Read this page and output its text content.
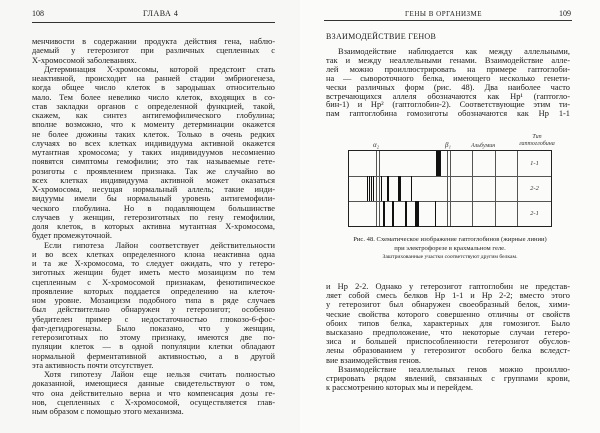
108	ГЛАВА 4
менчивости в содержании продукта действия гена, наблю-
даемый у гетерозигот при различных сцепленных с
X-хромосомой заболеваниях.
Детерминация X-хромосомы, которой предстоит стать
неактивной, происходит на ранней стадии эмбриогенеза,
когда общее число клеток в зародышах относительно
мало. Тем более невелико число клеток, входящих в со-
став закладки органов с определенной функцией, такой,
скажем, как синтез антигемофилического глобулина;
вполне возможно, что к моменту детерминации окажется
не более дюжины таких клеток. Только в очень редких
случаях во всех клетках индивидуума активной окажется
мутантная хромосома; у таких индивидуумов несомненно
появятся симптомы гемофилии; это так называемые гете-
розиготы с проявлением признака. Так же случайно во
всех клетках индивидуума активной может оказаться
X-хромосома, несущая нормальный аллель; такие инди-
видуумы имели бы нормальный уровень антигемофили-
ческого глобулина. Но в подавляющем большинстве
случаев у женщин, гетерозиготных по гену гемофилии,
доля клеток, в которых активна мутантная X-хромосома,
будет промежуточной.
Если гипотеза Лайон соответствует действительности
и во всех клетках определенного клона неактивна одна
и та же X-хромосома, то следует ожидать, что у гетеро-
зиготных женщин будет иметь место мозаицизм по тем
сцепленным с X-хромосомой признакам, фенотипическое
проявление которых поддается определению на клеточ-
ном уровне. Мозаицизм подобного типа в ряде случаев
был действительно обнаружен у гетерозигот; особенно
убедителен пример с недостаточностью глюкозо-6-фос-
фат-дегидрогеназы. Было показано, что у женщин,
гетерозиготных по этому признаку, имеются две по-
пуляции клеток — в одной популяции клетки обладают
нормальной ферментативной активностью, а в другой
эта активность почти отсутствует.
Хотя гипотезу Лайон еще нельзя считать полностью
доказанной, имеющиеся данные свидетельствуют о том,
что она действительно верна и что компенсация дозы ге-
нов, сцепленных с X-хромосомой, осуществляется глав-
ным образом с помощью этого механизма.
ГЕНЫ В ОРГАНИЗМЕ	109
Взаимодействие наблюдается как между аллельными,
так и между неаллельными генами. Взаимодействие алле-
лей можно проиллюстрировать на примере гаптоглоби-
на — сывороточного белка, имеющего несколько генети-
чески различных форм (рис. 48). Два наиболее часто
встречающихся аллеля обозначаются как Hp¹ (гаптогло-
бин-1) и Hp² (гаптоглобин-2). Соответствующие этим ти-
пам гаптоглобина гомозиготы обозначаются как Hp 1-1
α₂	β₁	Альбумин
Тип гаптоглобина
1-1
2-2
2-1
Рис. 48. Схематическое изображение гаптоглобинов (жирные линии)
при электрофорезе в крахмальном геле.
Заштрихованные участки соответствуют другим белкам.
и Hp 2-2. Однако у гетерозигот гаптоглобин не представ-
ляет собой смесь белков Hp 1-1 и Hp 2-2; вместо этого
у гетерозигот был обнаружен своеобразный белок, хими-
ческие свойства которого совершенно отличны от свойств
обоих типов белка, характерных для гомозигот. Было
высказано предположение, что некоторые случаи гетеро-
зиса и большей приспособленности гетерозигот обуслов-
лены образованием у гетерозигот особого белка вследст-
вие взаимодействия генов.
Взаимодействие неаллельных генов можно проиллю-
стрировать рядом явлений, связанных с группами крови,
к рассмотрению которых мы и перейдем.
ВЗАИМОДЕЙСТВИЕ ГЕНОВ
